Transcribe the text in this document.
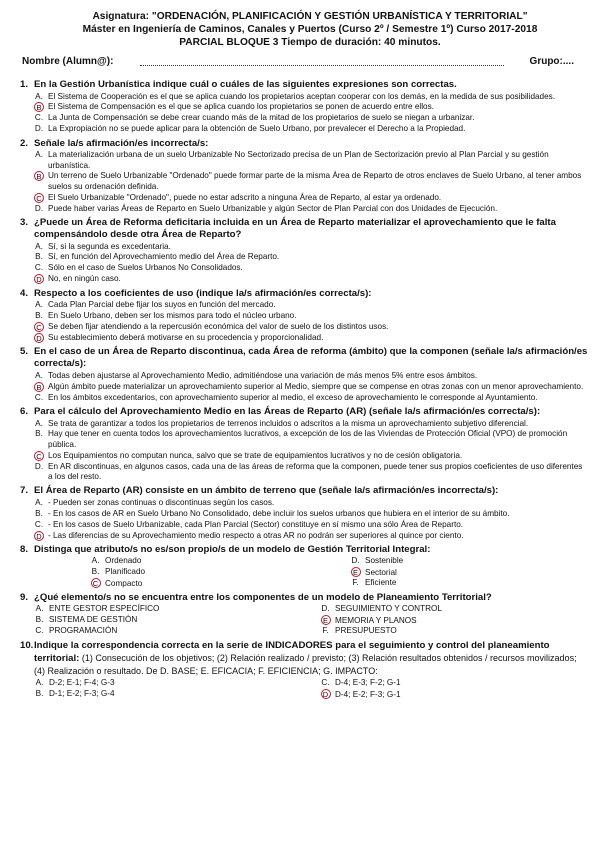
Asignatura: "ORDENACIÓN, PLANIFICACIÓN Y GESTIÓN URBANÍSTICA Y TERRITORIAL"
Máster en Ingeniería de Caminos, Canales y Puertos (Curso 2º / Semestre 1º) Curso 2017-2018
PARCIAL BLOQUE 3 Tiempo de duración: 40 minutos.
Nombre (Alumn@):	Grupo:....
1. En la Gestión Urbanística indique cuál o cuáles de las siguientes expresiones son correctas.
A. El Sistema de Cooperación es el que se aplica cuando los propietarios aceptan cooperar con los demás, en la medida de sus posibilidades.
B El Sistema de Compensación es el que se aplica cuando los propietarios se ponen de acuerdo entre ellos.
C. La Junta de Compensación se debe crear cuando más de la mitad de los propietarios de suelo se niegan a urbanizar.
D. La Expropiación no se puede aplicar para la obtención de Suelo Urbano, por prevalecer el Derecho a la Propiedad.
2. Señale la/s afirmación/es incorrecta/s:
A. La materialización urbana de un suelo Urbanizable No Sectorizado precisa de un Plan de Sectorización previo al Plan Parcial y su gestión urbanística.
B Un terreno de Suelo Urbanizable "Ordenado" puede formar parte de la misma Área de Reparto de otros enclaves de Suelo Urbano, al tener ambos suelos su ordenación definida.
C El Suelo Urbanizable "Ordenado", puede no estar adscrito a ninguna Área de Reparto, al estar ya ordenado.
D. Puede haber varias Áreas de Reparto en Suelo Urbanizable y algún Sector de Plan Parcial con dos Unidades de Ejecución.
3. ¿Puede un Área de Reforma deficitaria incluida en un Área de Reparto materializar el aprovechamiento que le falta compensándolo desde otra Área de Reparto?
A. Sí, si la segunda es excedentaria.
B. Sí, en función del Aprovechamiento medio del Área de Reparto.
C. Sólo en el caso de Suelos Urbanos No Consolidados.
D No, en ningún caso.
4. Respecto a los coeficientes de uso (indique la/s afirmación/es correcta/s):
A. Cada Plan Parcial debe fijar los suyos en función del mercado.
B. En Suelo Urbano, deben ser los mismos para todo el núcleo urbano.
C Se deben fijar atendiendo a la repercusión económica del valor de suelo de los distintos usos.
D Su establecimiento deberá motivarse en su procedencia y proporcionalidad.
5. En el caso de un Área de Reparto discontinua, cada Área de reforma (ámbito) que la componen (señale la/s afirmación/es correcta/s):
A. Todas deben ajustarse al Aprovechamiento Medio, admitiéndose una variación de más menos 5% entre esos ámbitos.
B Algún ámbito puede materializar un aprovechamiento superior al Medio, siempre que se compense en otras zonas con un menor aprovechamiento.
C. En los ámbitos excedentarios, con aprovechamiento superior al medio, el exceso de aprovechamiento le corresponde al Ayuntamiento.
6. Para el cálculo del Aprovechamiento Medio en las Áreas de Reparto (AR) (señale la/s afirmación/es correcta/s):
A. Se trata de garantizar a todos los propietarios de terrenos incluidos o adscritos a la misma un aprovechamiento subjetivo diferencial.
B. Hay que tener en cuenta todos los aprovechamientos lucrativos, a excepción de los de las Viviendas de Protección Oficial (VPO) de promoción pública.
C Los Equipamientos no computan nunca, salvo que se trate de equipamientos lucrativos y no de cesión obligatoria.
D. En AR discontinuas, en algunos casos, cada una de las áreas de reforma que la componen, puede tener sus propios coeficientes de uso diferentes a los del resto.
7. El Área de Reparto (AR) consiste en un ámbito de terreno que (señale la/s afirmación/es incorrecta/s):
A. - Pueden ser zonas continuas o discontinuas según los casos.
B. - En los casos de AR en Suelo Urbano No Consolidado, debe incluir los suelos urbanos que hubiera en el interior de su ámbito.
C. - En los casos de Suelo Urbanizable, cada Plan Parcial (Sector) constituye en sí mismo una sólo Área de Reparto.
D - Las diferencias de su Aprovechamiento medio respecto a otras AR no podrán ser superiores al quince por ciento.
8. Distinga que atributo/s no es/son propio/s de un modelo de Gestión Territorial Integral:
A. Ordenado	D. Sostenible
B. Planificado	E Sectorial
C Compacto	F. Eficiente
9. ¿Qué elemento/s no se encuentra entre los componentes de un modelo de Planeamiento Territorial?
A. ENTE GESTOR ESPECÍFICO	D. SEGUIMIENTO Y CONTROL
B. SISTEMA DE GESTIÓN	E MEMORIA Y PLANOS
C. PROGRAMACIÓN	F. PRESUPUESTO
10. Indique la correspondencia correcta en la serie de INDICADORES para el seguimiento y control del planeamiento territorial: (1) Consecución de los objetivos; (2) Relación realizado / previsto; (3) Relación resultados obtenidos / recursos movilizados; (4) Realización o resultado. De D. BASE; E. EFICACIA; F. EFICIENCIA; G. IMPACTO:
A. D-2; E-1; F-4; G-3	C. D-4; E-3; F-2; G-1
B. D-1; E-2; F-3; G-4	D D-4; E-2; F-3; G-1
